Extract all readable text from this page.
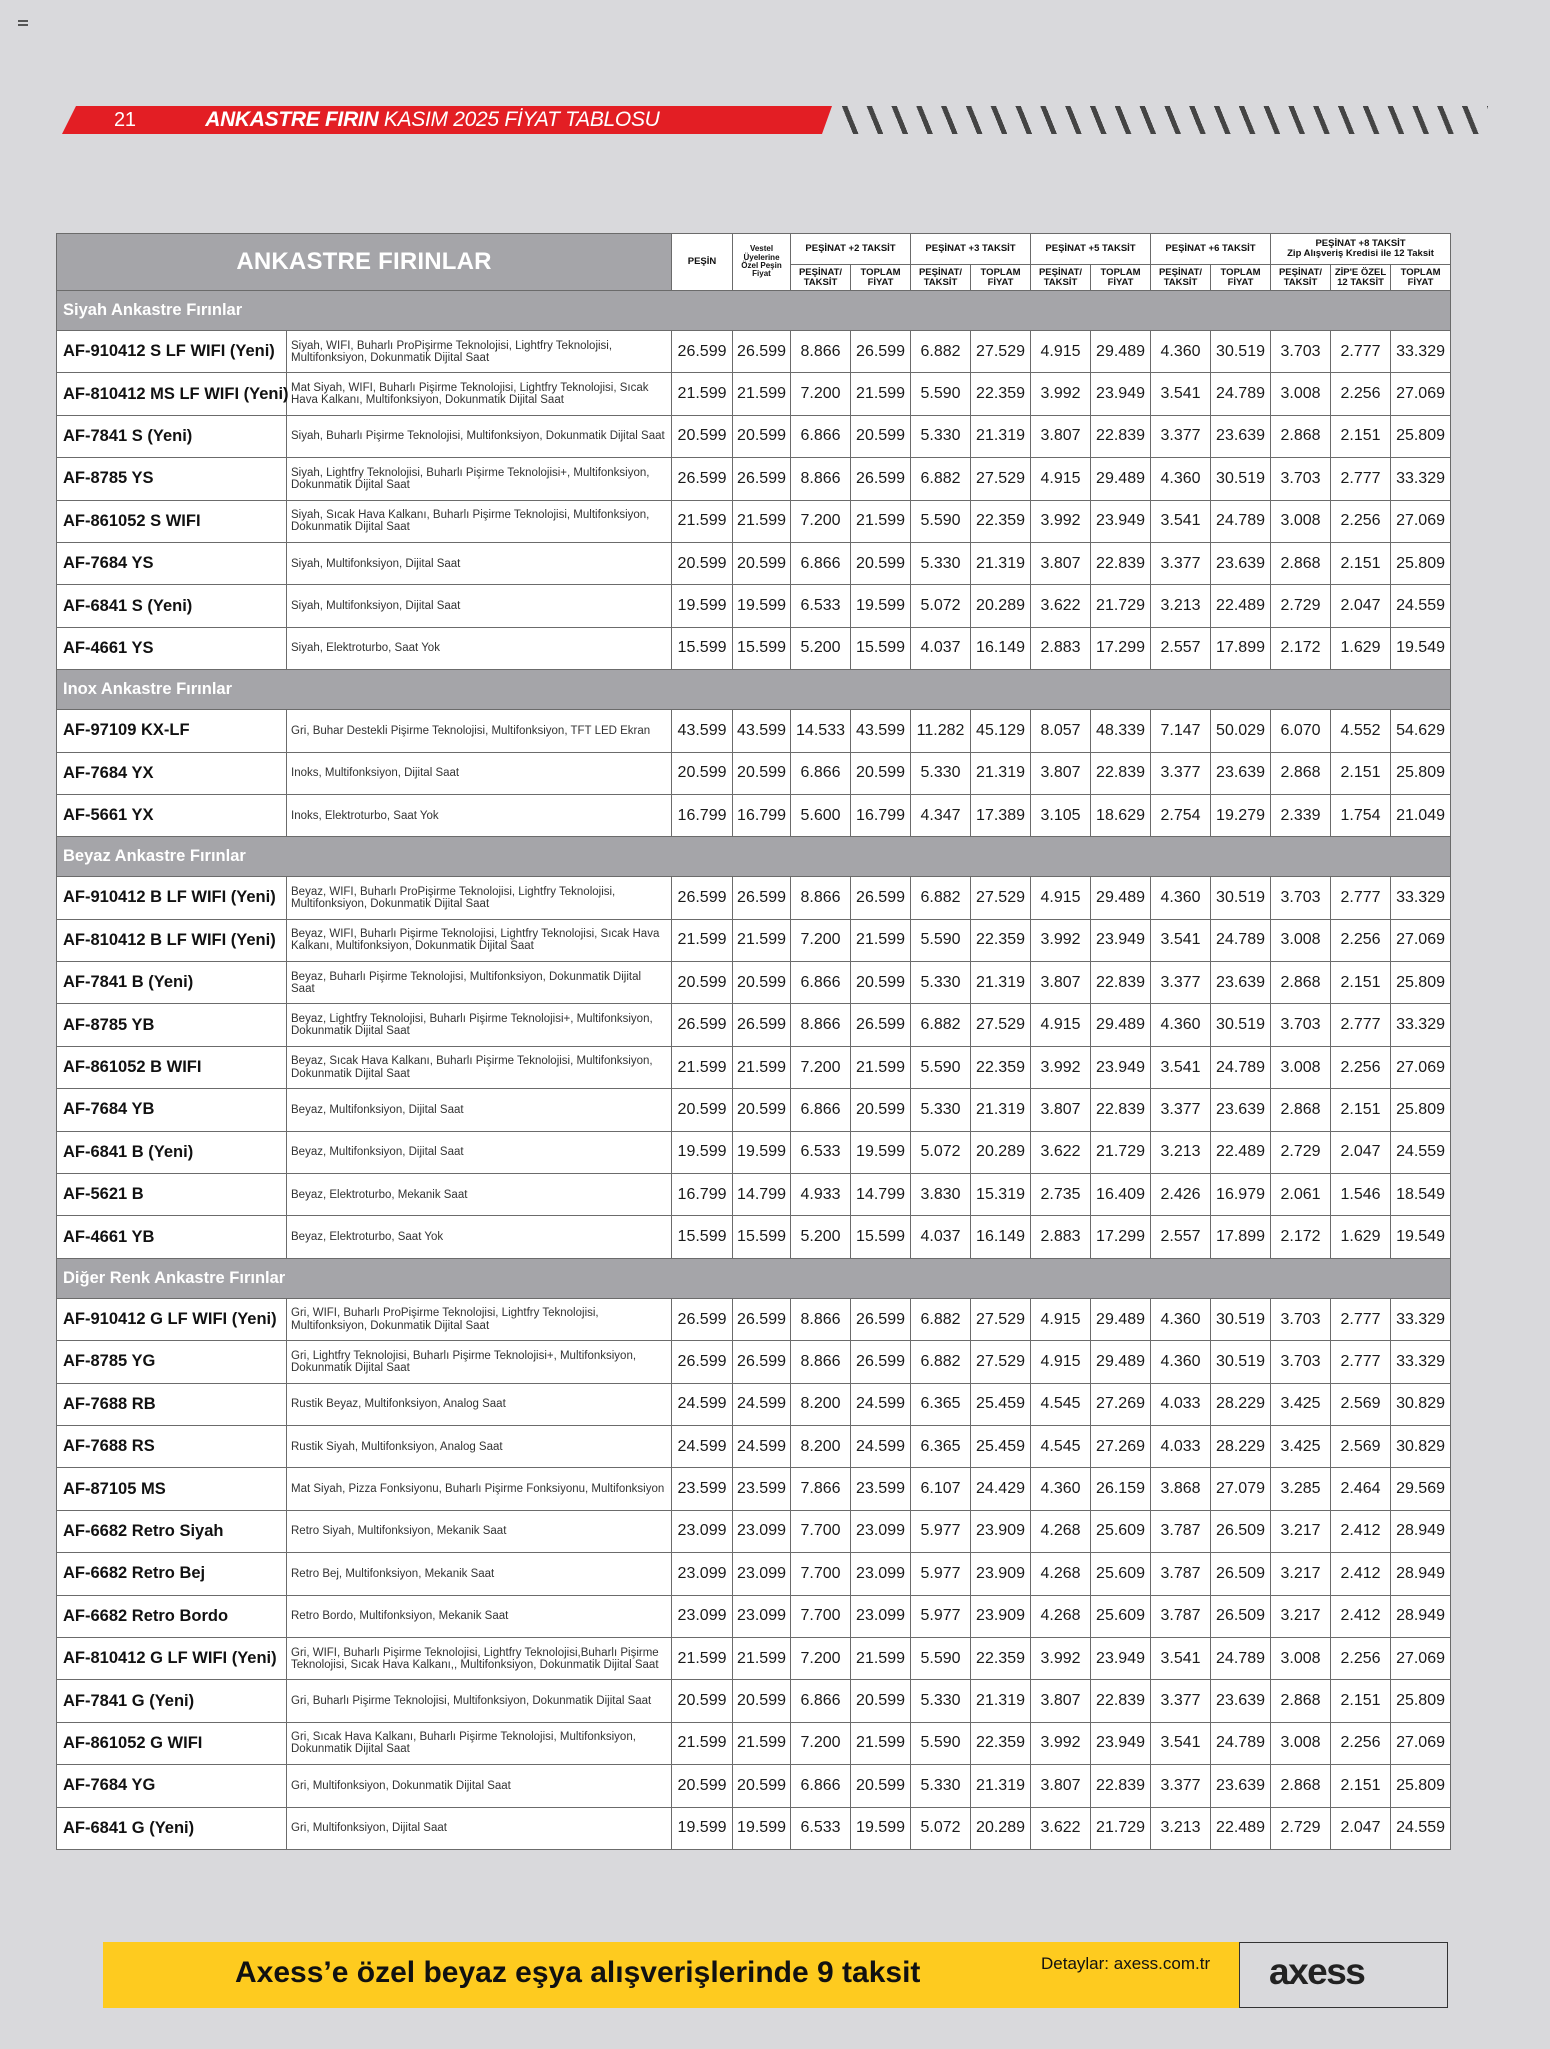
21	ANKASTRE FIRIN KASIM 2025 FİYAT TABLOSU
ANKASTRE FIRINLAR		PEŞİN	Vestel Üyelerine Özel Peşin Fiyat	PEŞİNAT +2 TAKSİT		PEŞİNAT +3 TAKSİT		PEŞİNAT +5 TAKSİT		PEŞİNAT +6 TAKSİT		PEŞİNAT +8 TAKSİT
Zip Alışveriş Kredisi ile 12 Taksit		

				PEŞİNAT/ TAKSİT	TOPLAM FİYAT	PEŞİNAT/ TAKSİT	TOPLAM FİYAT	PEŞİNAT/ TAKSİT	TOPLAM FİYAT	PEŞİNAT/ TAKSİT	TOPLAM FİYAT	PEŞİNAT/ TAKSİT	ZİP'E ÖZEL 12 TAKSİT	TOPLAM FİYAT
Siyah Ankastre Fırınlar														
AF-910412 S LF WIFI (Yeni)	Siyah, WIFI, Buharlı ProPişirme Teknolojisi, Lightfry Teknolojisi, Multifonksiyon, Dokunmatik Dijital Saat	26.599	26.599	8.866	26.599	6.882	27.529	4.915	29.489	4.360	30.519	3.703	2.777	33.329
AF-810412 MS LF WIFI (Yeni)	Mat Siyah, WIFI, Buharlı Pişirme Teknolojisi, Lightfry Teknolojisi, Sıcak Hava Kalkanı, Multifonksiyon, Dokunmatik Dijital Saat	21.599	21.599	7.200	21.599	5.590	22.359	3.992	23.949	3.541	24.789	3.008	2.256	27.069
AF-7841 S (Yeni)	Siyah, Buharlı Pişirme Teknolojisi, Multifonksiyon, Dokunmatik Dijital Saat	20.599	20.599	6.866	20.599	5.330	21.319	3.807	22.839	3.377	23.639	2.868	2.151	25.809
AF-8785 YS	Siyah, Lightfry Teknolojisi, Buharlı Pişirme Teknolojisi+, Multifonksiyon, Dokunmatik Dijital Saat	26.599	26.599	8.866	26.599	6.882	27.529	4.915	29.489	4.360	30.519	3.703	2.777	33.329
AF-861052 S WIFI	Siyah, Sıcak Hava Kalkanı, Buharlı Pişirme Teknolojisi, Multifonksiyon, Dokunmatik Dijital Saat	21.599	21.599	7.200	21.599	5.590	22.359	3.992	23.949	3.541	24.789	3.008	2.256	27.069
AF-7684 YS	Siyah, Multifonksiyon, Dijital Saat	20.599	20.599	6.866	20.599	5.330	21.319	3.807	22.839	3.377	23.639	2.868	2.151	25.809
AF-6841 S (Yeni)	Siyah, Multifonksiyon, Dijital Saat	19.599	19.599	6.533	19.599	5.072	20.289	3.622	21.729	3.213	22.489	2.729	2.047	24.559
AF-4661 YS	Siyah, Elektroturbo, Saat Yok	15.599	15.599	5.200	15.599	4.037	16.149	2.883	17.299	2.557	17.899	2.172	1.629	19.549
Inox Ankastre Fırınlar														
AF-97109 KX-LF	Gri, Buhar Destekli Pişirme Teknolojisi, Multifonksiyon, TFT LED Ekran	43.599	43.599	14.533	43.599	11.282	45.129	8.057	48.339	7.147	50.029	6.070	4.552	54.629
AF-7684 YX	Inoks, Multifonksiyon, Dijital Saat	20.599	20.599	6.866	20.599	5.330	21.319	3.807	22.839	3.377	23.639	2.868	2.151	25.809
AF-5661 YX	Inoks, Elektroturbo, Saat Yok	16.799	16.799	5.600	16.799	4.347	17.389	3.105	18.629	2.754	19.279	2.339	1.754	21.049
Beyaz Ankastre Fırınlar														
AF-910412 B LF WIFI (Yeni)	Beyaz, WIFI, Buharlı ProPişirme Teknolojisi, Lightfry Teknolojisi, Multifonksiyon, Dokunmatik Dijital Saat	26.599	26.599	8.866	26.599	6.882	27.529	4.915	29.489	4.360	30.519	3.703	2.777	33.329
AF-810412 B LF WIFI (Yeni)	Beyaz, WIFI, Buharlı Pişirme Teknolojisi, Lightfry Teknolojisi, Sıcak Hava Kalkanı, Multifonksiyon, Dokunmatik Dijital Saat	21.599	21.599	7.200	21.599	5.590	22.359	3.992	23.949	3.541	24.789	3.008	2.256	27.069
AF-7841 B (Yeni)	Beyaz, Buharlı Pişirme Teknolojisi, Multifonksiyon, Dokunmatik Dijital Saat	20.599	20.599	6.866	20.599	5.330	21.319	3.807	22.839	3.377	23.639	2.868	2.151	25.809
AF-8785 YB	Beyaz, Lightfry Teknolojisi, Buharlı Pişirme Teknolojisi+, Multifonksiyon, Dokunmatik Dijital Saat	26.599	26.599	8.866	26.599	6.882	27.529	4.915	29.489	4.360	30.519	3.703	2.777	33.329
AF-861052 B WIFI	Beyaz, Sıcak Hava Kalkanı, Buharlı Pişirme Teknolojisi, Multifonksiyon, Dokunmatik Dijital Saat	21.599	21.599	7.200	21.599	5.590	22.359	3.992	23.949	3.541	24.789	3.008	2.256	27.069
AF-7684 YB	Beyaz, Multifonksiyon, Dijital Saat	20.599	20.599	6.866	20.599	5.330	21.319	3.807	22.839	3.377	23.639	2.868	2.151	25.809
AF-6841 B (Yeni)	Beyaz, Multifonksiyon, Dijital Saat	19.599	19.599	6.533	19.599	5.072	20.289	3.622	21.729	3.213	22.489	2.729	2.047	24.559
AF-5621 B	Beyaz, Elektroturbo, Mekanik Saat	16.799	14.799	4.933	14.799	3.830	15.319	2.735	16.409	2.426	16.979	2.061	1.546	18.549
AF-4661 YB	Beyaz, Elektroturbo, Saat Yok	15.599	15.599	5.200	15.599	4.037	16.149	2.883	17.299	2.557	17.899	2.172	1.629	19.549
Diğer Renk Ankastre Fırınlar														
AF-910412 G LF WIFI (Yeni)	Gri, WIFI, Buharlı ProPişirme Teknolojisi, Lightfry Teknolojisi, Multifonksiyon, Dokunmatik Dijital Saat	26.599	26.599	8.866	26.599	6.882	27.529	4.915	29.489	4.360	30.519	3.703	2.777	33.329
AF-8785 YG	Gri, Lightfry Teknolojisi, Buharlı Pişirme Teknolojisi+, Multifonksiyon, Dokunmatik Dijital Saat	26.599	26.599	8.866	26.599	6.882	27.529	4.915	29.489	4.360	30.519	3.703	2.777	33.329
AF-7688 RB	Rustik Beyaz, Multifonksiyon, Analog Saat	24.599	24.599	8.200	24.599	6.365	25.459	4.545	27.269	4.033	28.229	3.425	2.569	30.829
AF-7688 RS	Rustik Siyah, Multifonksiyon, Analog Saat	24.599	24.599	8.200	24.599	6.365	25.459	4.545	27.269	4.033	28.229	3.425	2.569	30.829
AF-87105 MS	Mat Siyah, Pizza Fonksiyonu, Buharlı Pişirme Fonksiyonu, Multifonksiyon	23.599	23.599	7.866	23.599	6.107	24.429	4.360	26.159	3.868	27.079	3.285	2.464	29.569
AF-6682 Retro Siyah	Retro Siyah, Multifonksiyon, Mekanik Saat	23.099	23.099	7.700	23.099	5.977	23.909	4.268	25.609	3.787	26.509	3.217	2.412	28.949
AF-6682 Retro Bej	Retro Bej, Multifonksiyon, Mekanik Saat	23.099	23.099	7.700	23.099	5.977	23.909	4.268	25.609	3.787	26.509	3.217	2.412	28.949
AF-6682 Retro Bordo	Retro Bordo, Multifonksiyon, Mekanik Saat	23.099	23.099	7.700	23.099	5.977	23.909	4.268	25.609	3.787	26.509	3.217	2.412	28.949
AF-810412 G LF WIFI (Yeni)	Gri, WIFI, Buharlı Pişirme Teknolojisi, Lightfry Teknolojisi,Buharlı Pişirme Teknolojisi, Sıcak Hava Kalkanı,, Multifonksiyon, Dokunmatik Dijital Saat	21.599	21.599	7.200	21.599	5.590	22.359	3.992	23.949	3.541	24.789	3.008	2.256	27.069
AF-7841 G (Yeni)	Gri, Buharlı Pişirme Teknolojisi, Multifonksiyon, Dokunmatik Dijital Saat	20.599	20.599	6.866	20.599	5.330	21.319	3.807	22.839	3.377	23.639	2.868	2.151	25.809
AF-861052 G WIFI	Gri, Sıcak Hava Kalkanı, Buharlı Pişirme Teknolojisi, Multifonksiyon, Dokunmatik Dijital Saat	21.599	21.599	7.200	21.599	5.590	22.359	3.992	23.949	3.541	24.789	3.008	2.256	27.069
AF-7684 YG	Gri, Multifonksiyon, Dokunmatik Dijital Saat	20.599	20.599	6.866	20.599	5.330	21.319	3.807	22.839	3.377	23.639	2.868	2.151	25.809
AF-6841 G (Yeni)	Gri, Multifonksiyon, Dijital Saat	19.599	19.599	6.533	19.599	5.072	20.289	3.622	21.729	3.213	22.489	2.729	2.047	24.559
Axess’e özel beyaz eşya alışverişlerinde 9 taksit	Detaylar: axess.com.tr axess
